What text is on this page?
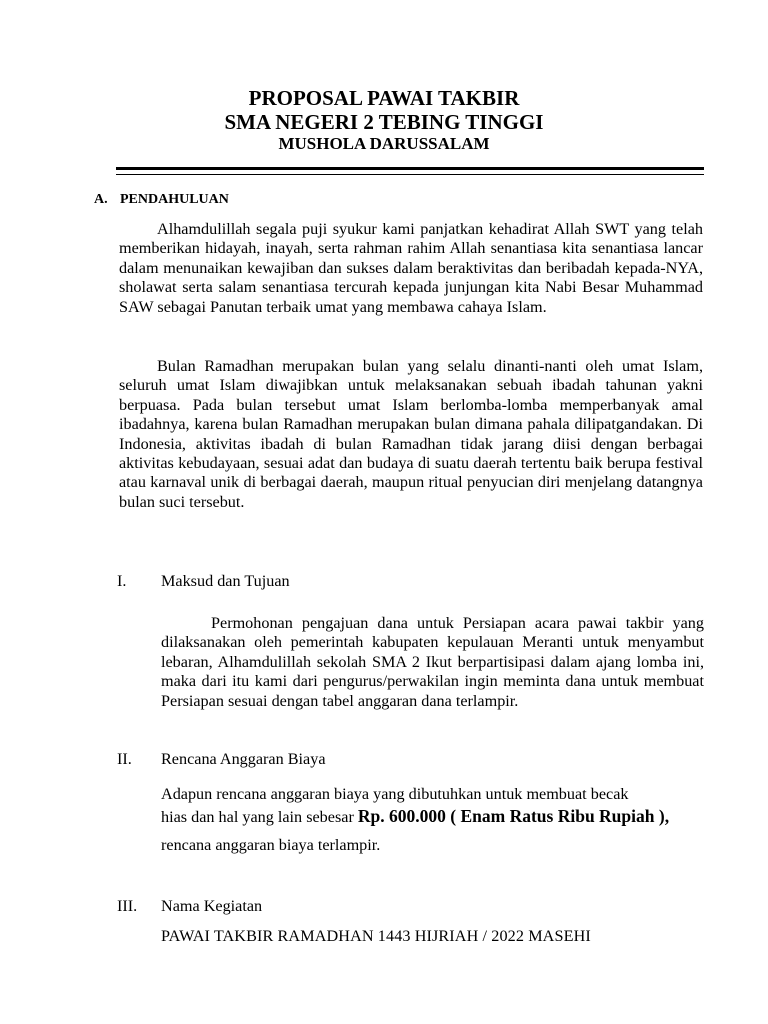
PROPOSAL PAWAI TAKBIR
SMA NEGERI 2 TEBING TINGGI
MUSHOLA DARUSSALAM
A. PENDAHULUAN

Alhamdulillah segala puji syukur kami panjatkan kehadirat Allah SWT yang telah memberikan hidayah, inayah, serta rahman rahim Allah senantiasa kita senantiasa lancar dalam menunaikan kewajiban dan sukses dalam beraktivitas dan beribadah kepada-NYA, sholawat serta salam senantiasa tercurah kepada junjungan kita Nabi Besar Muhammad SAW sebagai Panutan terbaik umat yang membawa cahaya Islam.

Bulan Ramadhan merupakan bulan yang selalu dinanti-nanti oleh umat Islam, seluruh umat Islam diwajibkan untuk melaksanakan sebuah ibadah tahunan yakni berpuasa. Pada bulan tersebut umat Islam berlomba-lomba memperbanyak amal ibadahnya, karena bulan Ramadhan merupakan bulan dimana pahala dilipatgandakan. Di Indonesia, aktivitas ibadah di bulan Ramadhan tidak jarang diisi dengan berbagai aktivitas kebudayaan, sesuai adat dan budaya di suatu daerah tertentu baik berupa festival atau karnaval unik di berbagai daerah, maupun ritual penyucian diri menjelang datangnya bulan suci tersebut.

I. Maksud dan Tujuan

Permohonan pengajuan dana untuk Persiapan acara pawai takbir yang dilaksanakan oleh pemerintah kabupaten kepulauan Meranti untuk menyambut lebaran, Alhamdulillah sekolah SMA 2 Ikut berpartisipasi dalam ajang lomba ini, maka dari itu kami dari pengurus/perwakilan ingin meminta dana untuk membuat Persiapan sesuai dengan tabel anggaran dana terlampir.

II. Rencana Anggaran Biaya
Adapun rencana anggaran biaya yang dibutuhkan untuk membuat becak
hias dan hal yang lain sebesar Rp. 600.000 ( Enam Ratus Ribu Rupiah ),
rencana anggaran biaya terlampir.
III. Nama Kegiatan
PAWAI TAKBIR RAMADHAN 1443 HIJRIAH / 2022 MASEHI
